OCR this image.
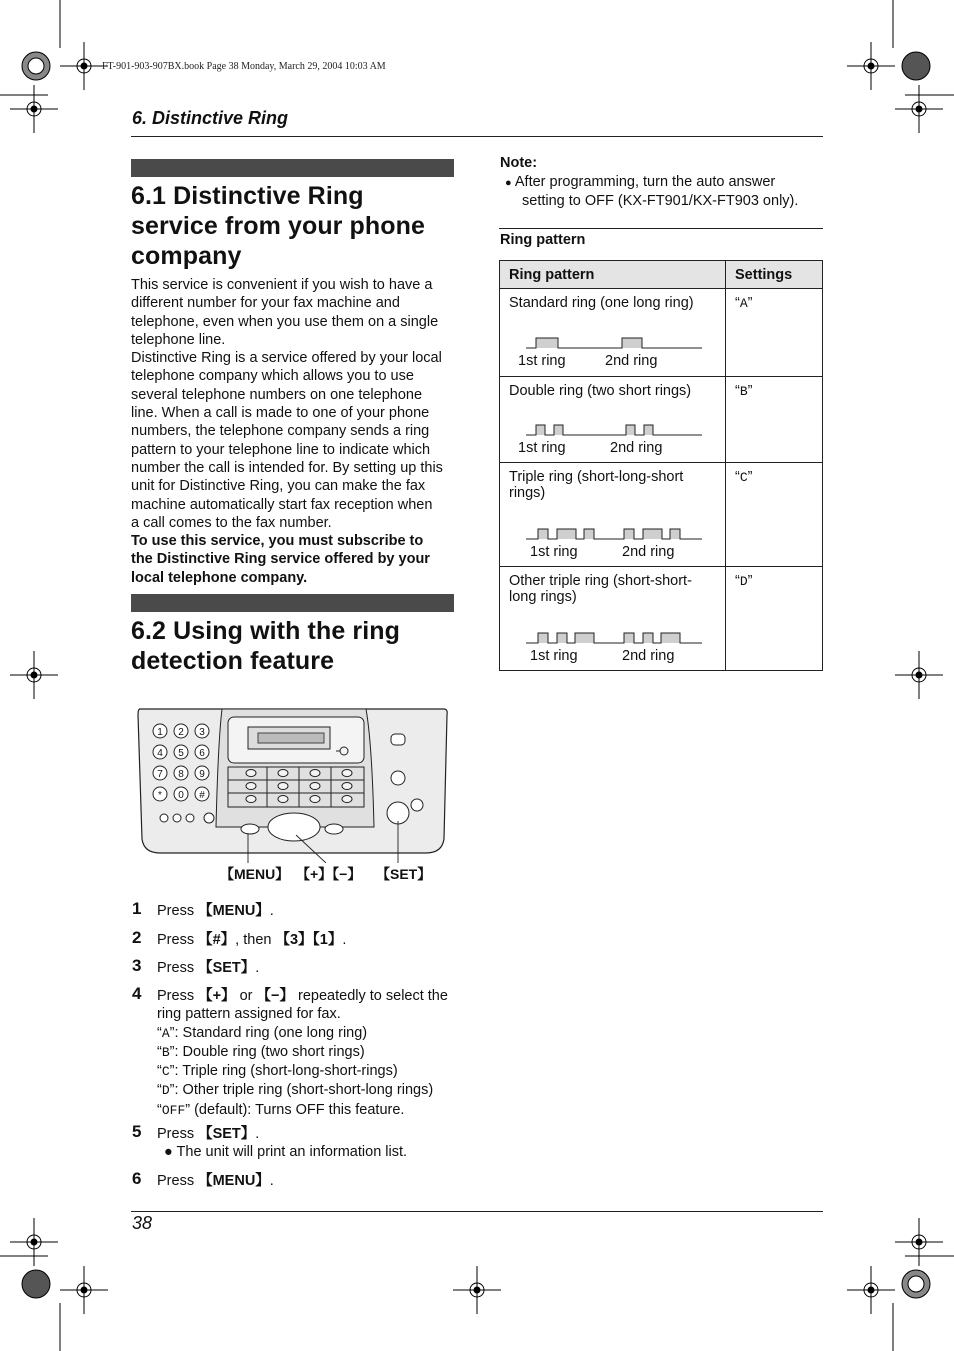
FT-901-903-907BX.book Page 38 Monday, March 29, 2004 10:03 AM
6. Distinctive Ring
6.1 Distinctive Ring
service from your phone
company
This service is convenient if you wish to have a
different number for your fax machine and
telephone, even when you use them on a single
telephone line.
Distinctive Ring is a service offered by your local
telephone company which allows you to use
several telephone numbers on one telephone
line. When a call is made to one of your phone
numbers, the telephone company sends a ring
pattern to your telephone line to indicate which
number the call is intended for. By setting up this
unit for Distinctive Ring, you can make the fax
machine automatically start fax reception when
a call comes to the fax number.
To use this service, you must subscribe to
the Distinctive Ring service offered by your
local telephone company.
6.2 Using with the ring
detection feature
1 2 3
4 5 6
7 8 9
* 0 #
【MENU】 【+】【−】 【SET】
1 Press 【MENU】.
2 Press 【#】, then 【3】【1】.
3 Press 【SET】.
4 Press 【+】 or 【−】 repeatedly to select the
ring pattern assigned for fax.
“A”: Standard ring (one long ring)
“B”: Double ring (two short rings)
“C”: Triple ring (short-long-short-rings)
“D”: Other triple ring (short-short-long rings)
“OFF” (default): Turns OFF this feature.
5 Press 【SET】.
● The unit will print an information list.
6 Press 【MENU】.
Note:
● After programming, turn the auto answer
setting to OFF (KX-FT901/KX-FT903 only).
Ring pattern
Ring pattern	Settings

Standard ring (one long ring)
1st ring 2nd ring	“A”

Double ring (two short rings)
1st ring 2nd ring	“B”

Triple ring (short-long-short
rings)
1st ring 2nd ring	“C”

Other triple ring (short-short-
long rings)
1st ring 2nd ring	“D”
38
